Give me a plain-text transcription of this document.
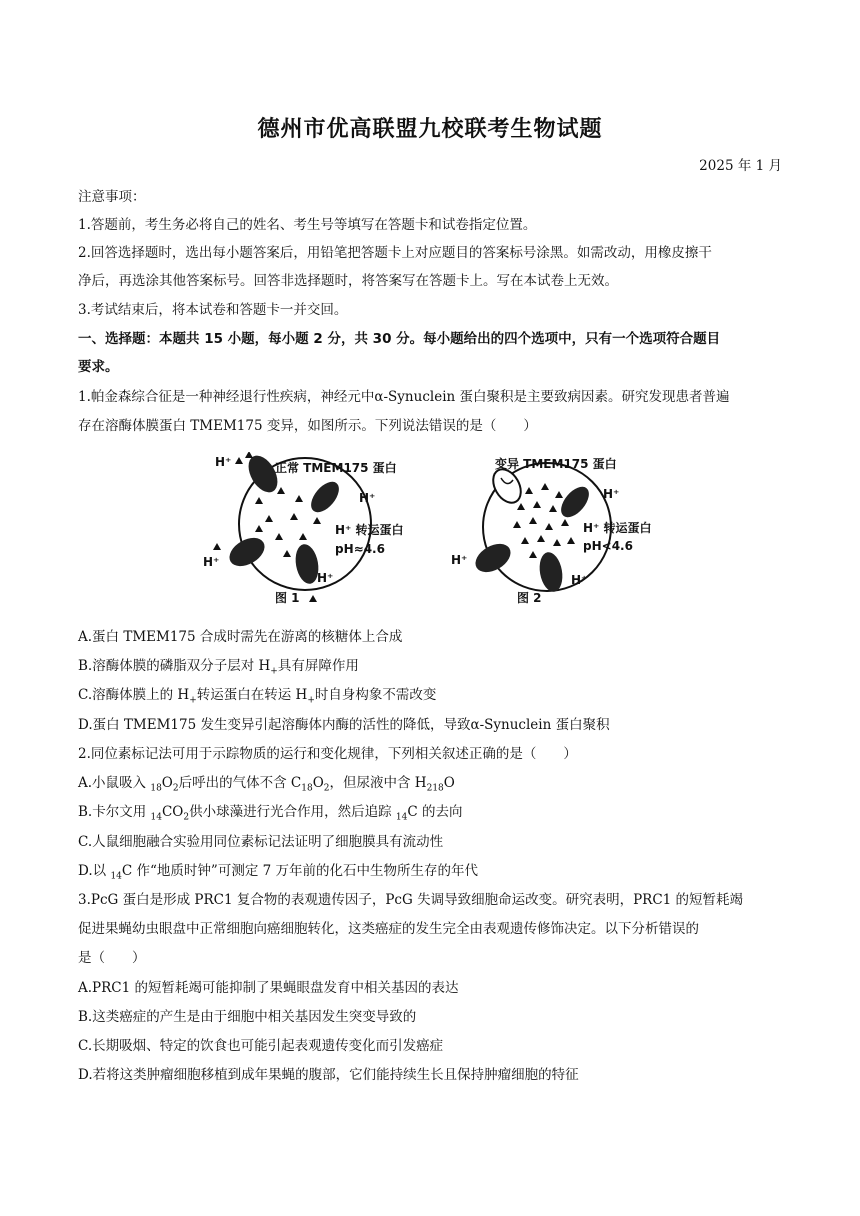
德州市优高联盟九校联考生物试题
2025 年 1 月
注意事项：
1.答题前，考生务必将自己的姓名、考生号等填写在答题卡和试卷指定位置。
2.回答选择题时，选出每小题答案后，用铅笔把答题卡上对应题目的答案标号涂黑。如需改动，用橡皮擦干
净后，再选涂其他答案标号。回答非选择题时，将答案写在答题卡上。写在本试卷上无效。
3.考试结束后，将本试卷和答题卡一并交回。
一、选择题：本题共 15 小题，每小题 2 分，共 30 分。每小题给出的四个选项中，只有一个选项符合题目
要求。
1.帕金森综合征是一种神经退行性疾病，神经元中α-Synuclein 蛋白聚积是主要致病因素。研究发现患者普遍
存在溶酶体膜蛋白 TMEM175 变异，如图所示。下列说法错误的是（　　）
H⁺	正常 TMEM175 蛋白
H⁺
H⁺ 转运蛋白
pH≈4.6
H⁺
H⁺
图 1
变异 TMEM175 蛋白
H⁺
H⁺ 转运蛋白
pH<4.6
H⁺
H⁺
图 2
A.蛋白 TMEM175 合成时需先在游离的核糖体上合成
B.溶酶体膜的磷脂双分子层对 $H_+$具有屏障作用
C.溶酶体膜上的 $H_+$转运蛋白在转运 $H_+$时自身构象不需改变
D.蛋白 TMEM175 发生变异引起溶酶体内酶的活性的降低，导致α-Synuclein 蛋白聚积
2.同位素标记法可用于示踪物质的运行和变化规律，下列相关叙述正确的是（　　）
A.小鼠吸入 $_{18}O_2$后呼出的气体不含 $C_{18}O_2$，但尿液中含 $H_{218}O$
B.卡尔文用 $_{14}CO_2$供小球藻进行光合作用，然后追踪 $_{14}$C 的去向
C.人鼠细胞融合实验用同位素标记法证明了细胞膜具有流动性
D.以 $_{14}$C 作“地质时钟”可测定 7 万年前的化石中生物所生存的年代
3.PcG 蛋白是形成 PRC1 复合物的表观遗传因子，PcG 失调导致细胞命运改变。研究表明，PRC1 的短暂耗竭
促进果蝇幼虫眼盘中正常细胞向癌细胞转化，这类癌症的发生完全由表观遗传修饰决定。以下分析错误的
是（　　）
A.PRC1 的短暂耗竭可能抑制了果蝇眼盘发育中相关基因的表达
B.这类癌症的产生是由于细胞中相关基因发生突变导致的
C.长期吸烟、特定的饮食也可能引起表观遗传变化而引发癌症
D.若将这类肿瘤细胞移植到成年果蝇的腹部，它们能持续生长且保持肿瘤细胞的特征
